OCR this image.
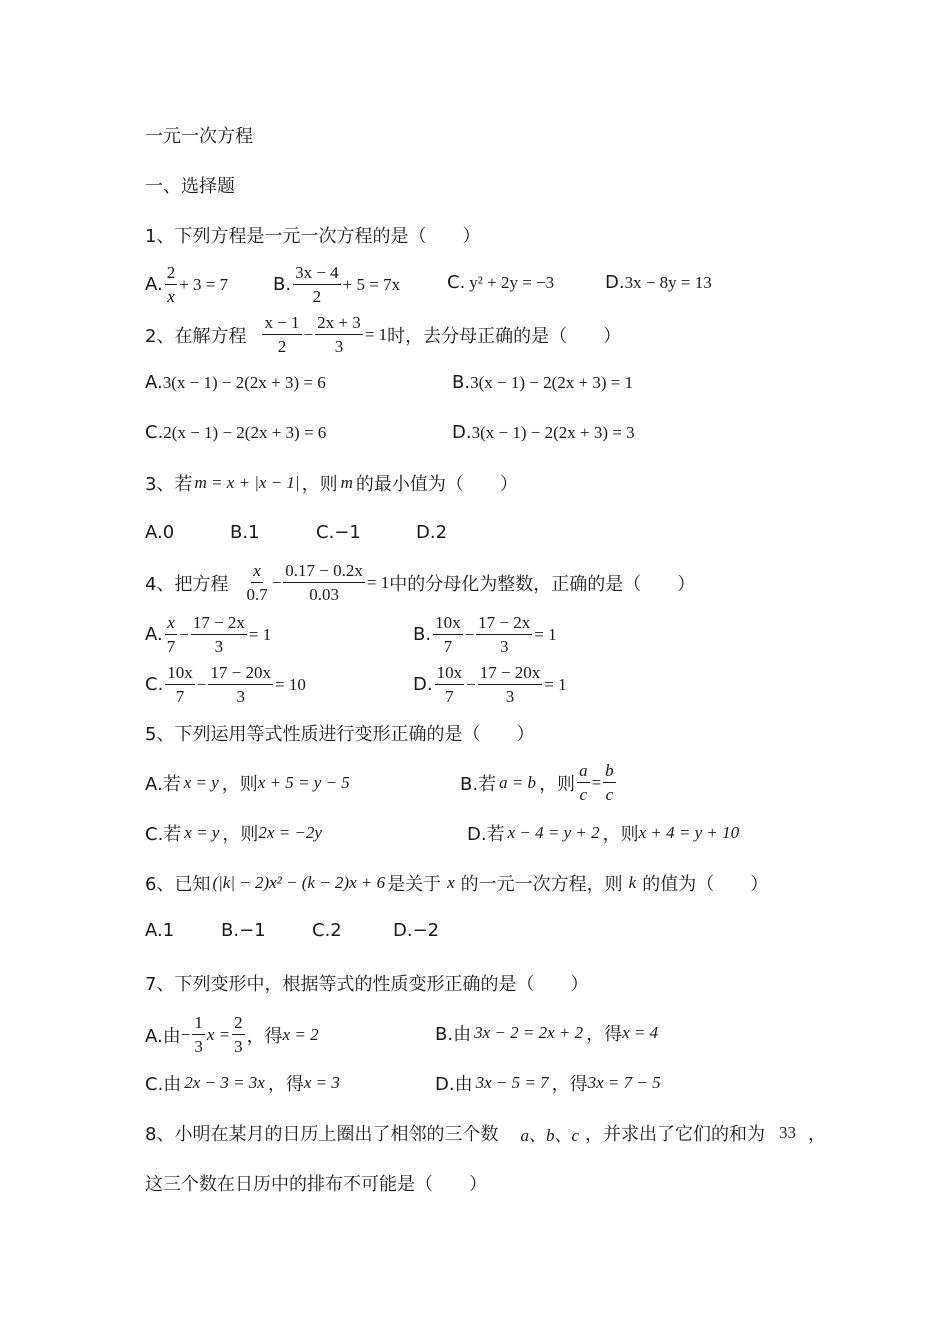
一元一次方程
一、选择题
1、下列方程是一元一次方程的是（　　）
A. $\frac{2}{x} + 3 = 7$ B. $\frac{3x - 4}{2} + 5 = 7x$	C. y² + 2y = −3	D. 3x − 8y = 13
2、在解方程 $\frac{x - 1}{2} - \frac{2x + 3}{3} = 1$ 时，去分母正确的是（　　）
A. 3(x − 1) − 2(2x + 3) = 6	B. 3(x − 1) − 2(2x + 3) = 1
C. 2(x − 1) − 2(2x + 3) = 6	D. 3(x − 1) − 2(2x + 3) = 3
3、若 m = x + |x − 1| ，则 m 的最小值为（　　）
A.0	B.1	C.−1	D.2
4、把方程 $\frac{x}{0.7} - \frac{0.17 - 0.2x}{0.03} = 1$ 中的分母化为整数，正确的是（　　）
A. $\frac{x}{7} - \frac{17 - 2x}{3} = 1$	B. $\frac{10x}{7} - \frac{17 - 2x}{3} = 1$
C. $\frac{10x}{7} - \frac{17 - 20x}{3} = 10$	D. $\frac{10x}{7} - \frac{17 - 20x}{3} = 1$
5、下列运用等式性质进行变形正确的是（　　）
A.若 x = y ，则 x + 5 = y − 5	B.若 a = b ，则 $\frac{a}{c} = \frac{b}{c}$
C.若 x = y ，则 2x = −2y	D.若 x − 4 = y + 2 ，则 x + 4 = y + 10
6、已知 (|k| − 2)x² − (k − 2)x + 6 是关于 x 的一元一次方程，则 k 的值为（　　）
A.1	B.−1	C.2	D.−2
7、下列变形中，根据等式的性质变形正确的是（　　）
A.由 − $\frac{1}{3}$ $x = \frac{2}{3}$ ，得 x = 2	B.由 3x − 2 = 2x + 2 ，得 x = 4
C.由 2x − 3 = 3x ，得 x = 3	D.由 3x − 5 = 7 ，得 3x = 7 − 5
8、小明在某月的日历上圈出了相邻的三个数 a、b、c ，并求出了它们的和为 33 ，
这三个数在日历中的排布不可能是（　　）
